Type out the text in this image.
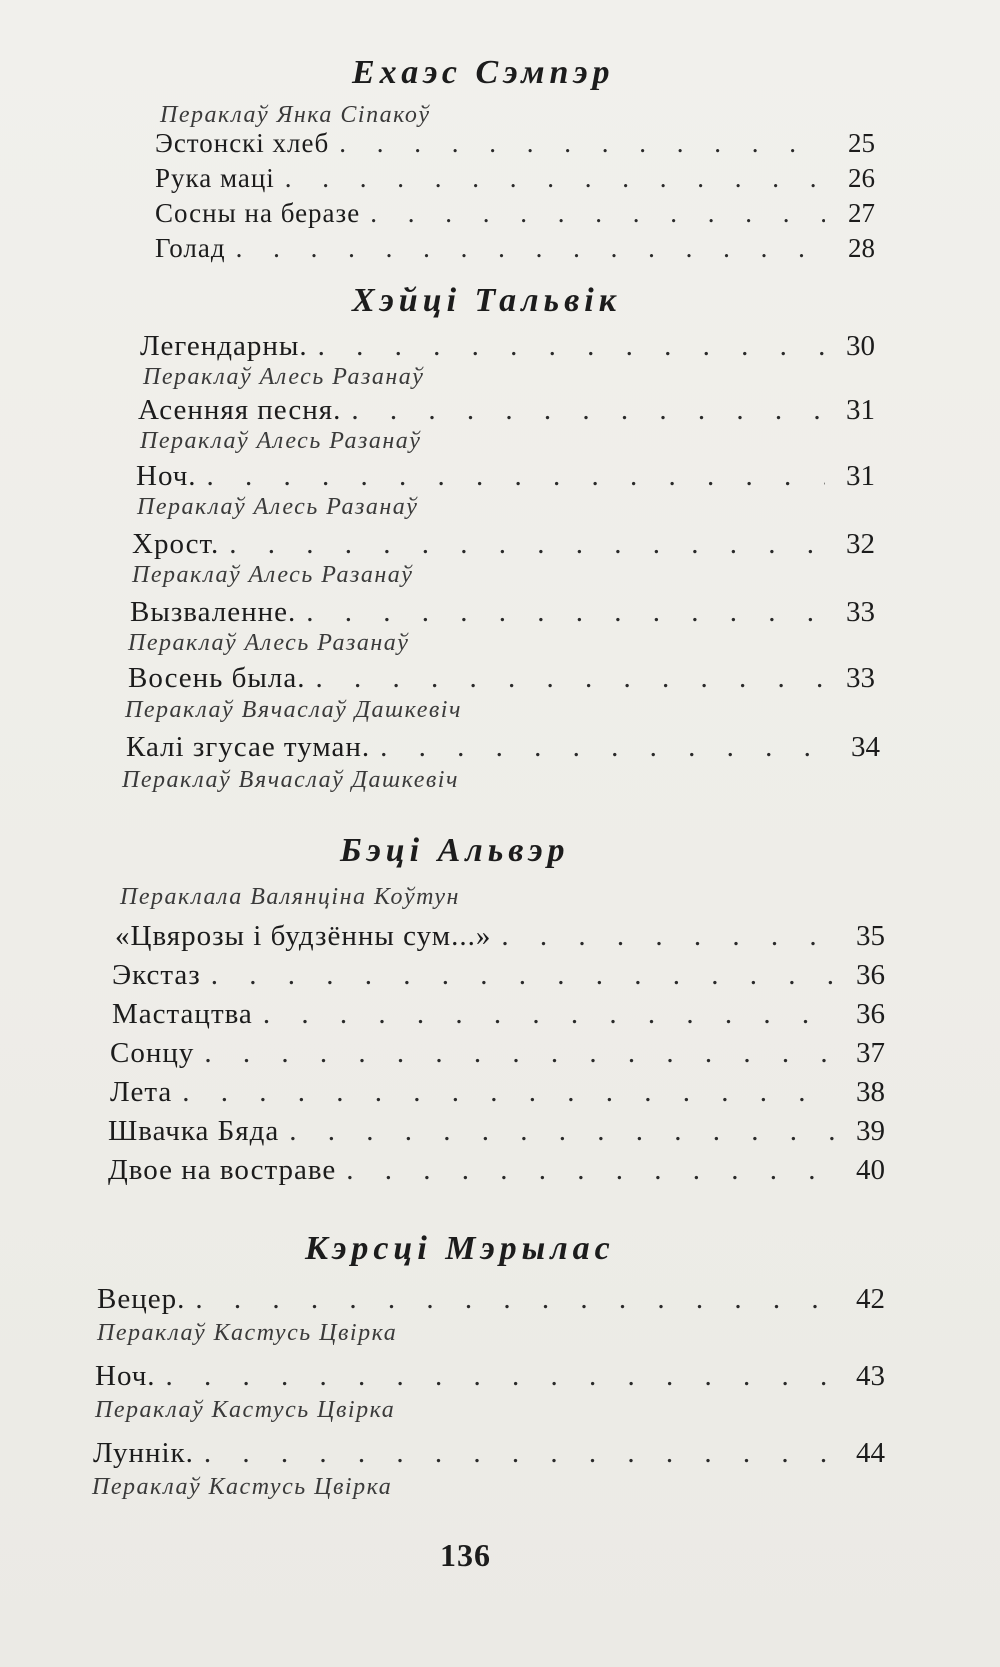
Ехаэс Сэмпэр
Пераклаў Янка Сіпакоў
Эстонскі хлеб . . .	25
Рука маці . . .	26
Сосны на беразе . . .	27
Голад . . .	28
Хэйці Тальвік
Легендарны. . . .	30
Пераклаў Алесь Разанаў
Асенняя песня. . . .	31
Пераклаў Алесь Разанаў
Ноч. . . .	31
Пераклаў Алесь Разанаў
Хрост. . . .	32
Пераклаў Алесь Разанаў
Вызваленне. . . .	33
Пераклаў Алесь Разанаў
Восень была. . . .	33
Пераклаў Вячаслаў Дашкевіч
Калі згусае туман. . . .	34
Пераклаў Вячаслаў Дашкевіч
Бэці Альвэр
Пераклала Валянціна Коўтун
«Цвярозы і будзённы сум...» . . .	35
Экстаз . . .	36
Мастацтва . . .	36
Сонцу . . .	37
Лета . . .	38
Швачка Бяда . . .	39
Двое на востраве . . .	40
Кэрсці Мэрылас
Вецер. . . .	42
Пераклаў Кастусь Цвірка
Ноч. . . .	43
Пераклаў Кастусь Цвірка
Луннік. . . .	44
Пераклаў Кастусь Цвірка
136
